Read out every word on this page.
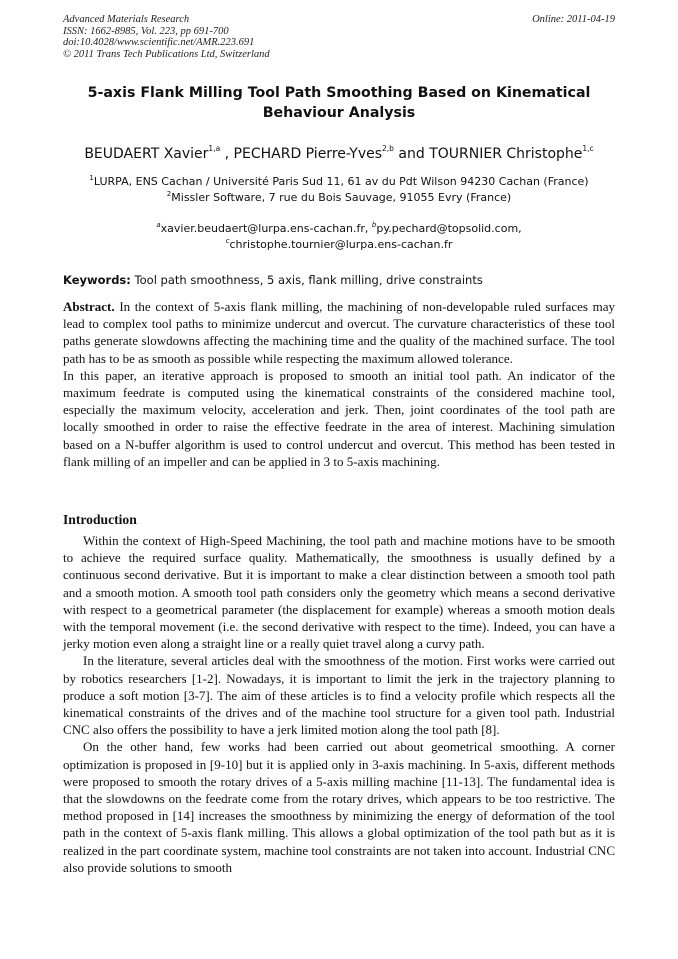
Advanced Materials Research
ISSN: 1662-8985, Vol. 223, pp 691-700
doi:10.4028/www.scientific.net/AMR.223.691
© 2011 Trans Tech Publications Ltd, Switzerland
Online: 2011-04-19
5-axis Flank Milling Tool Path Smoothing Based on Kinematical Behaviour Analysis
BEUDAERT Xavier$^{1,a}$ , PECHARD Pierre-Yves$^{2,b}$ and TOURNIER Christophe$^{1,c}$
$^1$LURPA, ENS Cachan / Université Paris Sud 11, 61 av du Pdt Wilson 94230 Cachan (France)
$^2$Missler Software, 7 rue du Bois Sauvage, 91055 Evry (France)
$^a$xavier.beudaert@lurpa.ens-cachan.fr, $^b$py.pechard@topsolid.com,
$^c$christophe.tournier@lurpa.ens-cachan.fr
Keywords: Tool path smoothness, 5 axis, flank milling, drive constraints

Abstract. In the context of 5-axis flank milling, the machining of non-developable ruled surfaces may lead to complex tool paths to minimize undercut and overcut. The curvature characteristics of these tool paths generate slowdowns affecting the machining time and the quality of the machined surface. The tool path has to be as smooth as possible while respecting the maximum allowed tolerance.

In this paper, an iterative approach is proposed to smooth an initial tool path. An indicator of the maximum feedrate is computed using the kinematical constraints of the considered machine tool, especially the maximum velocity, acceleration and jerk. Then, joint coordinates of the tool path are locally smoothed in order to raise the effective feedrate in the area of interest. Machining simulation based on a N-buffer algorithm is used to control undercut and overcut. This method has been tested in flank milling of an impeller and can be applied in 3 to 5-axis machining.

Introduction

Within the context of High-Speed Machining, the tool path and machine motions have to be smooth to achieve the required surface quality. Mathematically, the smoothness is usually defined by a continuous second derivative. But it is important to make a clear distinction between a smooth tool path and a smooth motion. A smooth tool path considers only the geometry which means a second derivative with respect to a geometrical parameter (the displacement for example) whereas a smooth motion deals with the temporal movement (i.e. the second derivative with respect to the time). Indeed, you can have a jerky motion even along a straight line or a really quiet travel along a curvy path.

In the literature, several articles deal with the smoothness of the motion. First works were carried out by robotics researchers [1-2]. Nowadays, it is important to limit the jerk in the trajectory planning to produce a soft motion [3-7]. The aim of these articles is to find a velocity profile which respects all the kinematical constraints of the drives and of the machine tool structure for a given tool path. Industrial CNC also offers the possibility to have a jerk limited motion along the tool path [8].

On the other hand, few works had been carried out about geometrical smoothing. A corner optimization is proposed in [9-10] but it is applied only in 3-axis machining. In 5-axis, different methods were proposed to smooth the rotary drives of a 5-axis milling machine [11-13]. The fundamental idea is that the slowdowns on the feedrate come from the rotary drives, which appears to be too restrictive. The method proposed in [14] increases the smoothness by minimizing the energy of deformation of the tool path in the context of 5-axis flank milling. This allows a global optimization of the tool path but as it is realized in the part coordinate system, machine tool constraints are not taken into account. Industrial CNC also provide solutions to smooth
